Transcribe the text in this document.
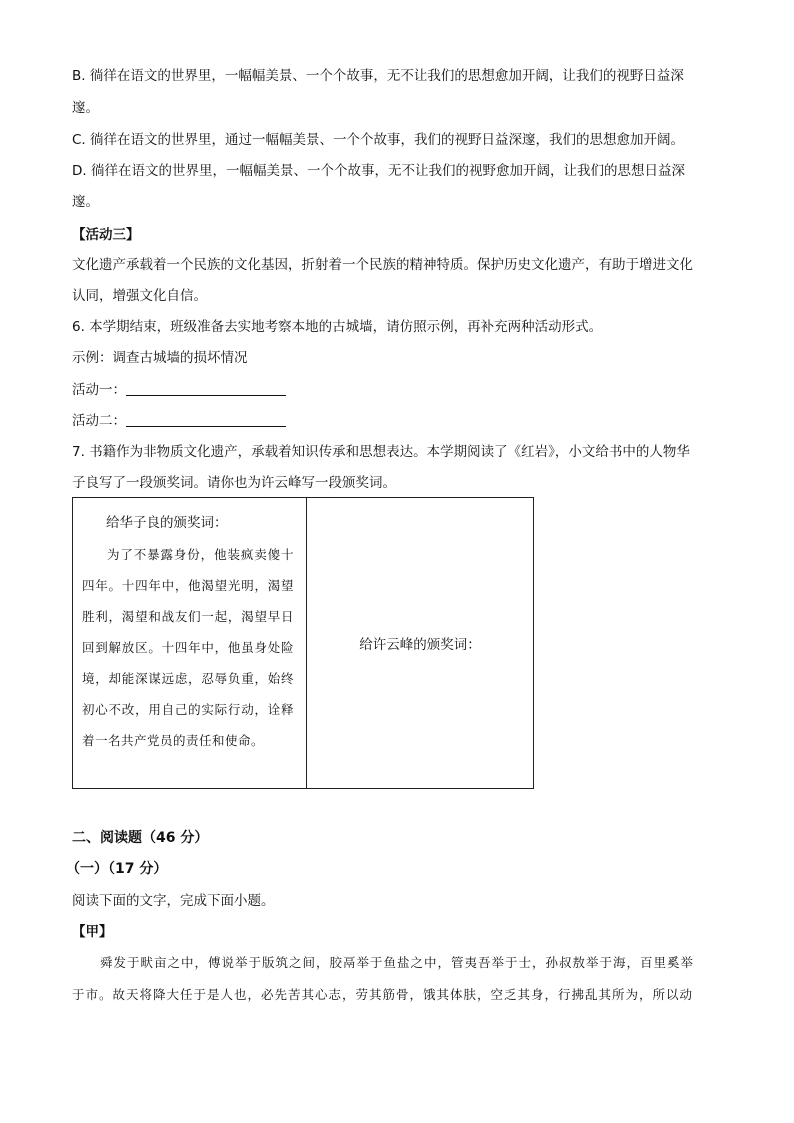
B. 徜徉在语文的世界里，一幅幅美景、一个个故事，无不让我们的思想愈加开阔，让我们的视野日益深
邃。
C. 徜徉在语文的世界里，通过一幅幅美景、一个个故事，我们的视野日益深邃，我们的思想愈加开阔。
D. 徜徉在语文的世界里，一幅幅美景、一个个故事，无不让我们的视野愈加开阔，让我们的思想日益深
邃。
【活动三】
文化遗产承载着一个民族的文化基因，折射着一个民族的精神特质。保护历史文化遗产，有助于增进文化
认同，增强文化自信。
6. 本学期结束，班级准备去实地考察本地的古城墙，请仿照示例，再补充两种活动形式。
示例：调查古城墙的损坏情况
活动一：
活动二：
7. 书籍作为非物质文化遗产，承载着知识传承和思想表达。本学期阅读了《红岩》，小文给书中的人物华
子良写了一段颁奖词。请你也为许云峰写一段颁奖词。
给华子良的颁奖词：
为了不暴露身份，他装疯卖傻十四年。十四年中，他渴望光明，渴望胜利，渴望和战友们一起，渴望早日回到解放区。十四年中，他虽身处险境，却能深谋远虑，忍辱负重，始终初心不改，用自己的实际行动，诠释着一名共产党员的责任和使命。
	给许云峰的颁奖词：
二、阅读题（46 分）
（一）（17 分）
阅读下面的文字，完成下面小题。
【甲】
舜发于畎亩之中，傅说举于版筑之间，胶鬲举于鱼盐之中，管夷吾举于士，孙叔敖举于海，百里奚举
于市。故天将降大任于是人也，必先苦其心志，劳其筋骨，饿其体肤，空乏其身，行拂乱其所为，所以动
